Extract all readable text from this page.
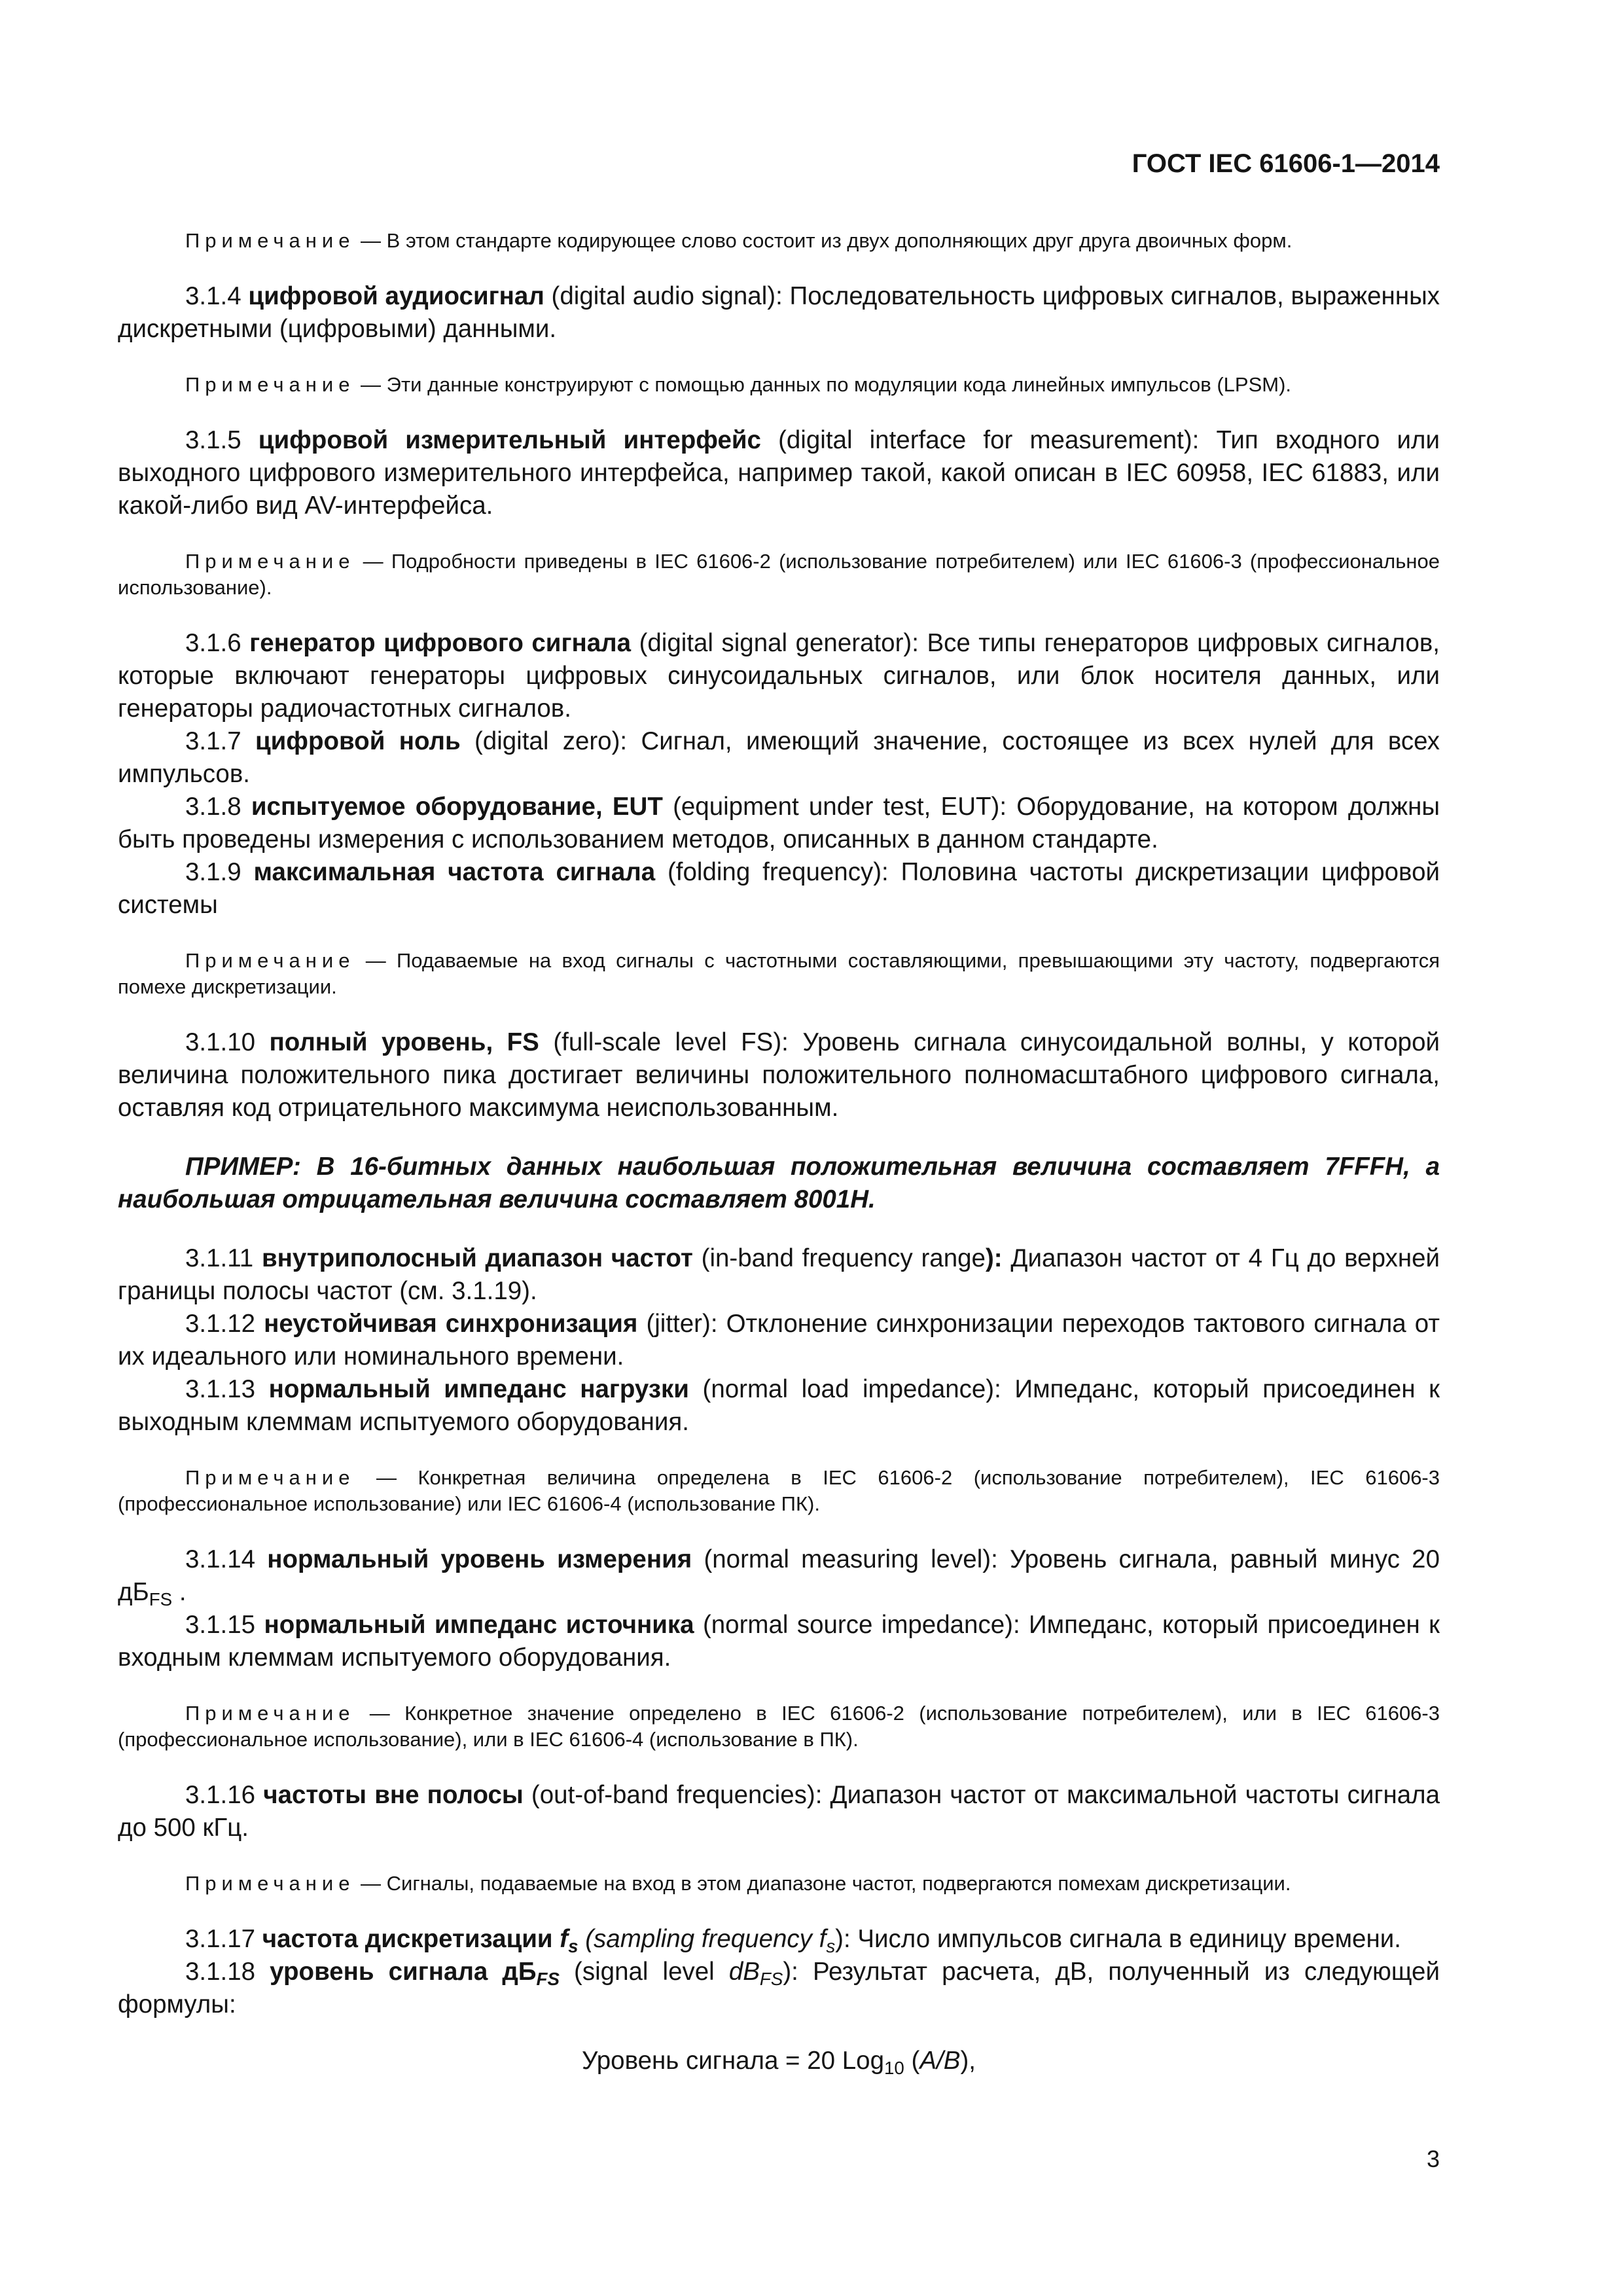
ГОСТ IEC 61606-1—2014

Примечание — В этом стандарте кодирующее слово состоит из двух дополняющих друг друга двоичных форм.

3.1.4 цифровой аудиосигнал (digital audio signal): Последовательность цифровых сигналов, выраженных дискретными (цифровыми) данными.

Примечание — Эти данные конструируют с помощью данных по модуляции кода линейных импульсов (LPSM).

3.1.5 цифровой измерительный интерфейс (digital interface for measurement): Тип входного или выходного цифрового измерительного интерфейса, например такой, какой описан в IEC 60958, IEC 61883, или какой-либо вид AV-интерфейса.

Примечание — Подробности приведены в IEC 61606-2 (использование потребителем) или IEC 61606-3 (профессиональное использование).

3.1.6 генератор цифрового сигнала (digital signal generator): Все типы генераторов цифровых сигналов, которые включают генераторы цифровых синусоидальных сигналов, или блок носителя данных, или генераторы радиочастотных сигналов.

3.1.7 цифровой ноль (digital zero): Сигнал, имеющий значение, состоящее из всех нулей для всех импульсов.

3.1.8 испытуемое оборудование, EUT (equipment under test, EUT): Оборудование, на котором должны быть проведены измерения с использованием методов, описанных в данном стандарте.

3.1.9 максимальная частота сигнала (folding frequency): Половина частоты дискретизации цифровой системы

Примечание — Подаваемые на вход сигналы с частотными составляющими, превышающими эту частоту, подвергаются помехе дискретизации.

3.1.10 полный уровень, FS (full-scale level FS): Уровень сигнала синусоидальной волны, у которой величина положительного пика достигает величины положительного полномасштабного цифрового сигнала, оставляя код отрицательного максимума неиспользованным.

ПРИМЕР: В 16-битных данных наибольшая положительная величина составляет 7FFFH, а наибольшая отрицательная величина составляет 8001H.

3.1.11 внутриполосный диапазон частот (in-band frequency range): Диапазон частот от 4 Гц до верхней границы полосы частот (см. 3.1.19).

3.1.12 неустойчивая синхронизация (jitter): Отклонение синхронизации переходов тактового сигнала от их идеального или номинального времени.

3.1.13 нормальный импеданс нагрузки (normal load impedance): Импеданс, который присоединен к выходным клеммам испытуемого оборудования.

Примечание — Конкретная величина определена в IEC 61606-2 (использование потребителем), IEC 61606-3 (профессиональное использование) или IEC 61606-4 (использование ПК).

3.1.14 нормальный уровень измерения (normal measuring level): Уровень сигнала, равный минус 20 $дБ_{FS}$ .

3.1.15 нормальный импеданс источника (normal source impedance): Импеданс, который присоединен к входным клеммам испытуемого оборудования.

Примечание — Конкретное значение определено в IEC 61606-2 (использование потребителем), или в IEC 61606-3 (профессиональное использование), или в IEC 61606-4 (использование в ПК).

3.1.16 частоты вне полосы (out-of-band frequencies): Диапазон частот от максимальной частоты сигнала до 500 кГц.

Примечание — Сигналы, подаваемые на вход в этом диапазоне частот, подвергаются помехам дискретизации.

3.1.17 частота дискретизации $f_s$ (sampling frequency $f_s$): Число импульсов сигнала в единицу времени.

3.1.18 уровень сигнала $дБ_{FS}$ (signal level $dB_{FS}$): Результат расчета, дВ, полученный из следующей формулы:

Уровень сигнала = 20 Log$_{10}$ (A/B),

3
